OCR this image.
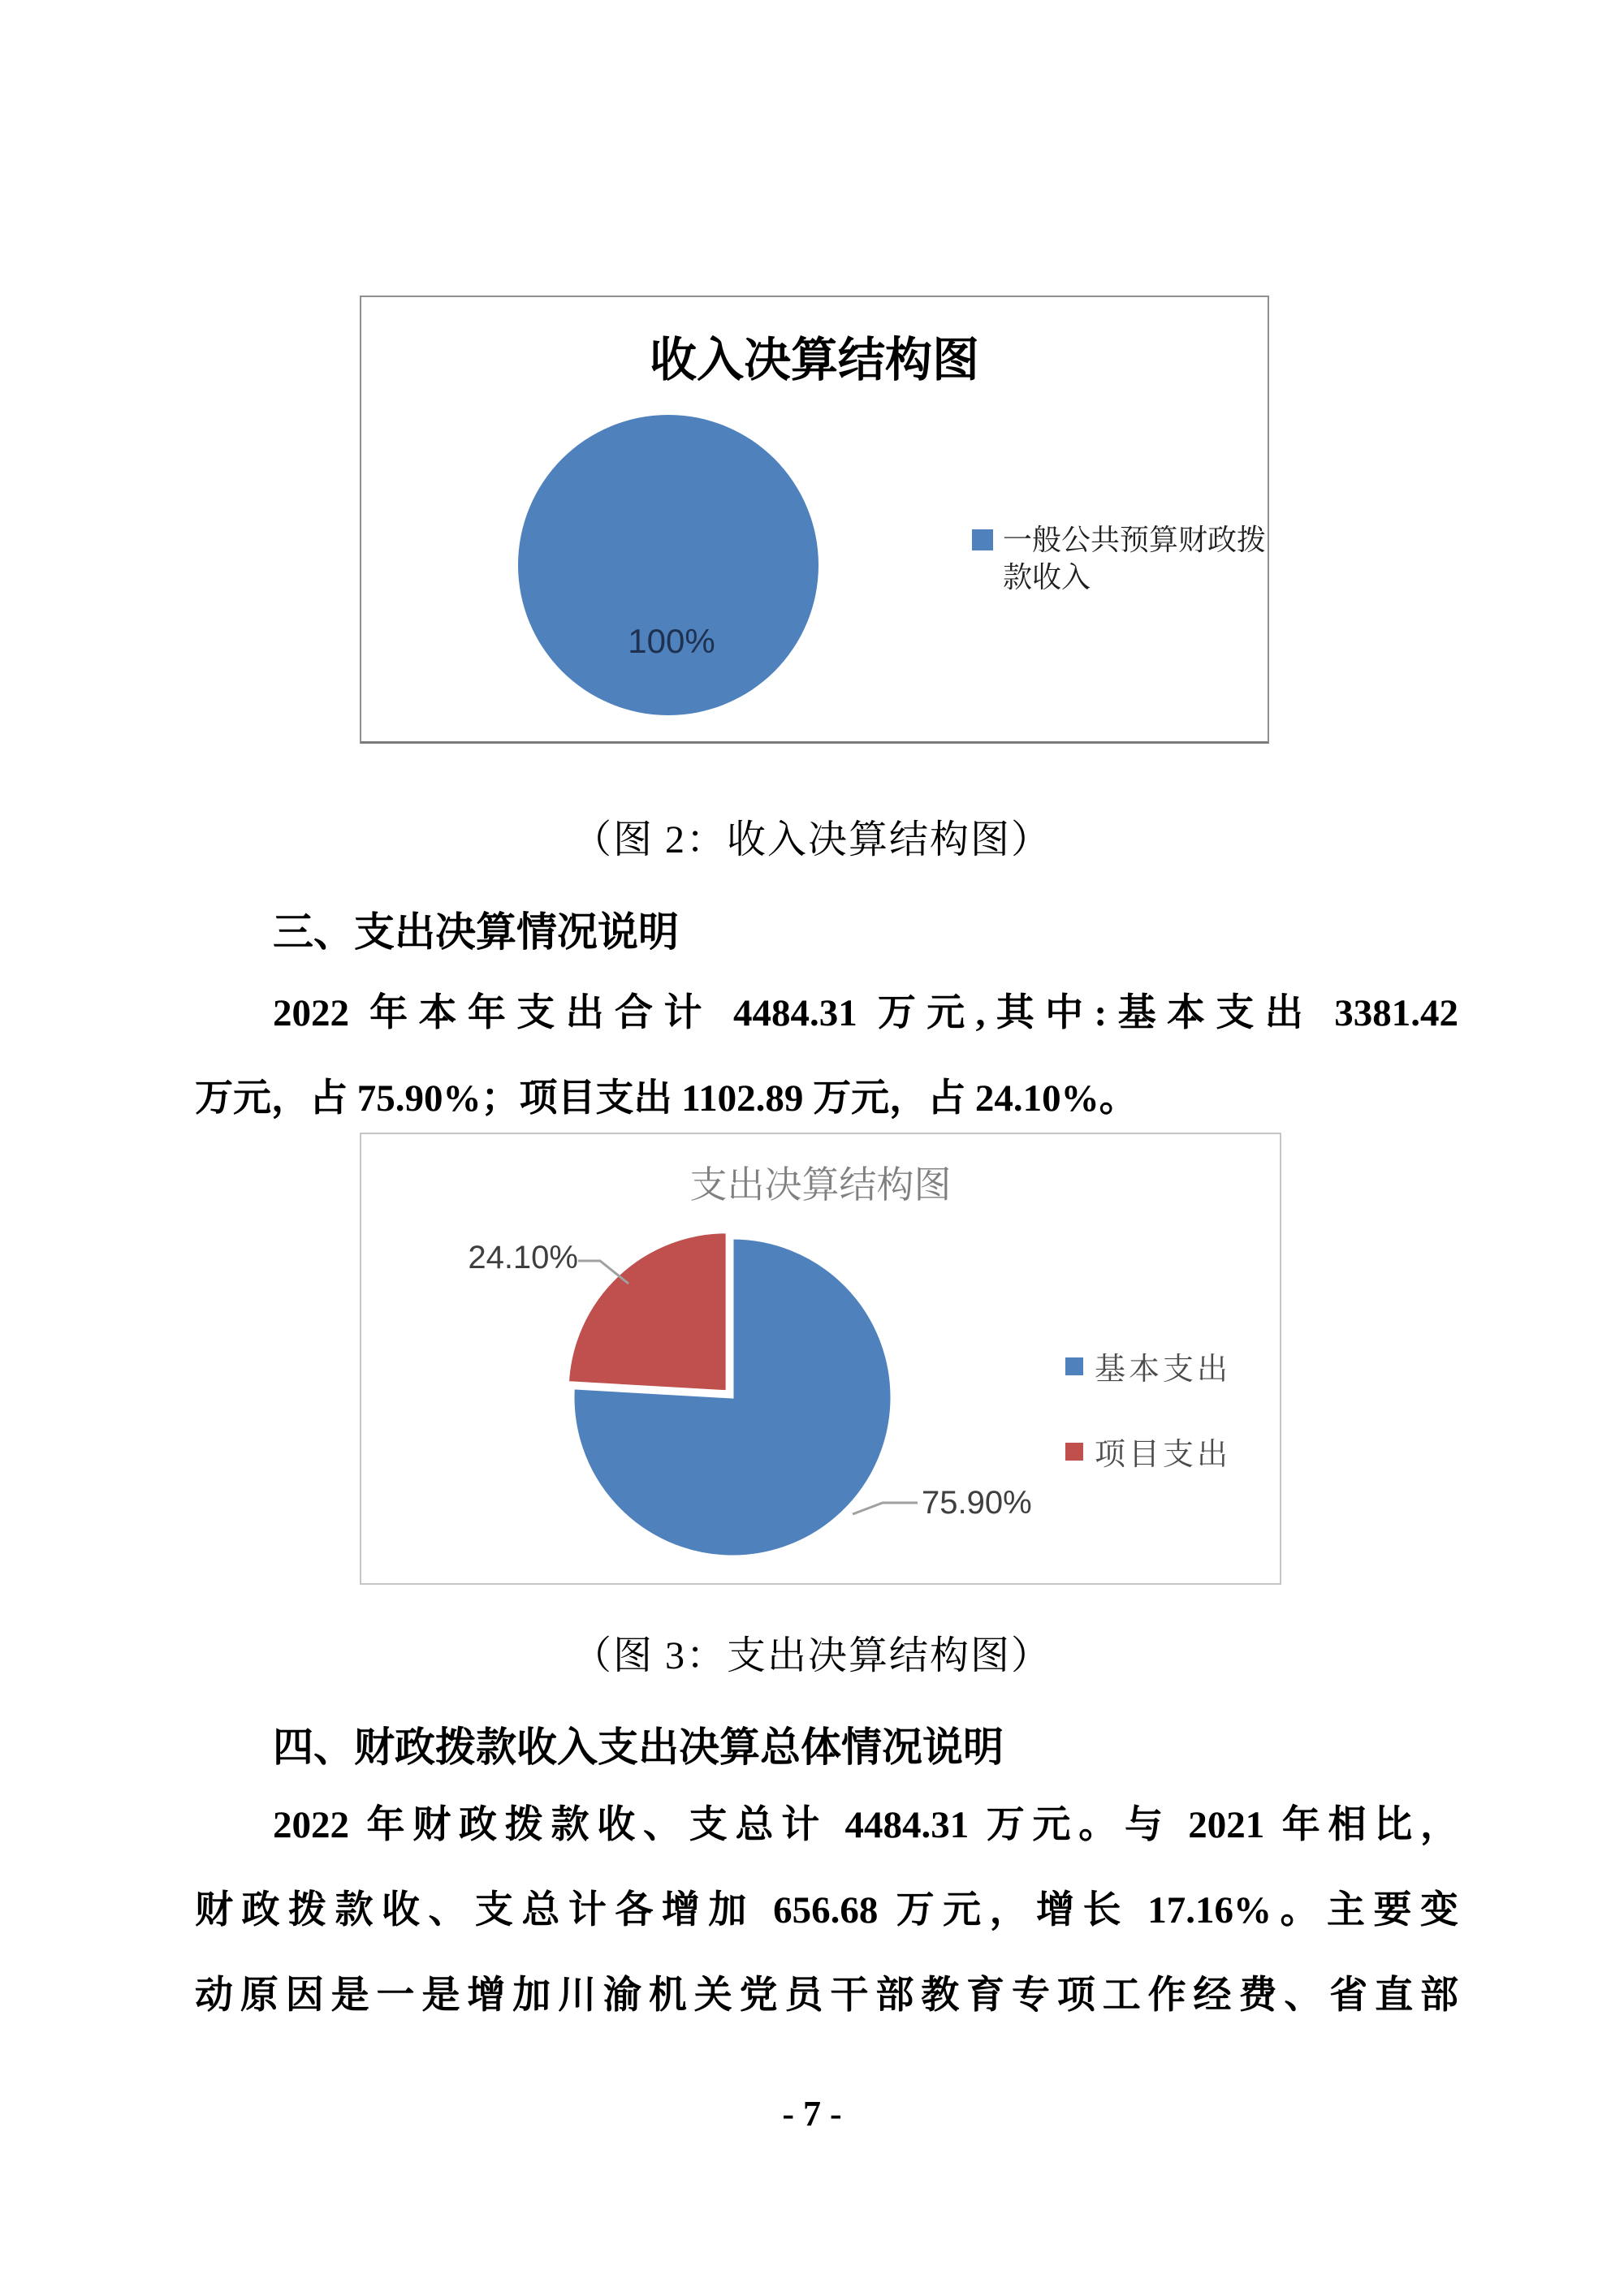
收入决算结构图
100%
一般公共预算财政拨款收入
（图 2：收入决算结构图）
三、支出决算情况说明
2022 年本年支出合计 4484.31 万元,其中:基本支出 3381.42
万元，占 75.90%；项目支出 1102.89 万元，占 24.10%。
支出决算结构图
24.10%
75.90%
基本支出
项目支出
（图 3：支出决算结构图）
四、财政拨款收入支出决算总体情况说明
2022 年财政拨款收、支总计 4484.31 万元。与 2021 年相比，
财政拨款收、支总计各增加 656.68 万元，增长 17.16%。主要变
动原因是一是增加川渝机关党员干部教育专项工作经费、省直部
- 7 -
